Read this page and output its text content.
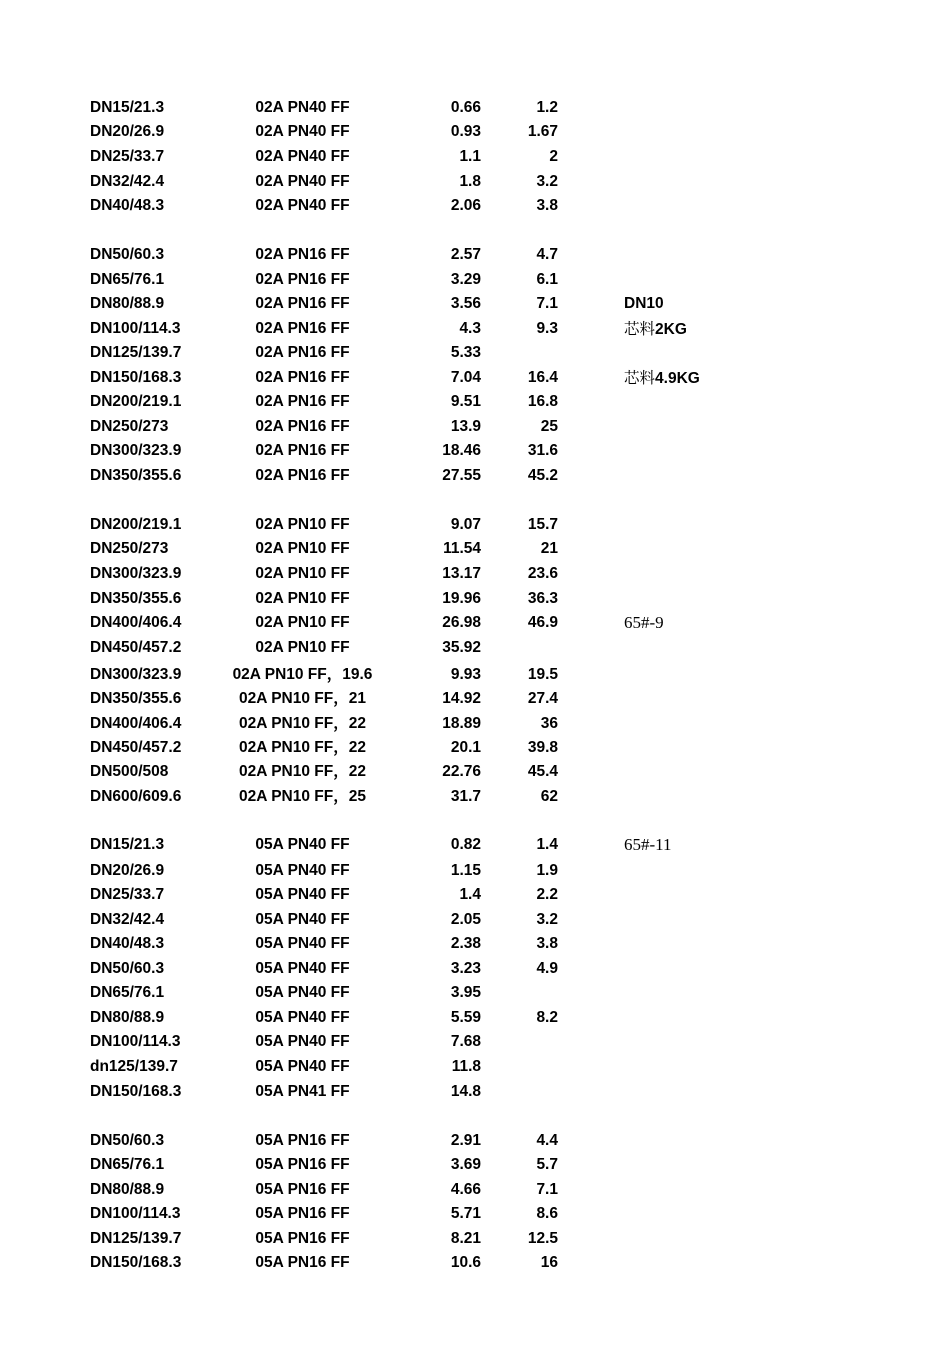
DN15/21.3	02A PN40 FF	0.66	1.2
DN20/26.9	02A PN40 FF	0.93	1.67
DN25/33.7	02A PN40 FF	1.1	2
DN32/42.4	02A PN40 FF	1.8	3.2
DN40/48.3	02A PN40 FF	2.06	3.8
DN50/60.3	02A PN16 FF	2.57	4.7
DN65/76.1	02A PN16 FF	3.29	6.1
DN80/88.9	02A PN16 FF	3.56	7.1	DN10
DN100/114.3	02A PN16 FF	4.3	9.3	芯料2KG
DN125/139.7	02A PN16 FF	5.33
DN150/168.3	02A PN16 FF	7.04	16.4	芯料4.9KG
DN200/219.1	02A PN16 FF	9.51	16.8
DN250/273	02A PN16 FF	13.9	25
DN300/323.9	02A PN16 FF	18.46	31.6
DN350/355.6	02A PN16 FF	27.55	45.2
DN200/219.1	02A PN10 FF	9.07	15.7
DN250/273	02A PN10 FF	11.54	21
DN300/323.9	02A PN10 FF	13.17	23.6
DN350/355.6	02A PN10 FF	19.96	36.3
DN400/406.4	02A PN10 FF	26.98	46.9	65#-9
DN450/457.2	02A PN10 FF	35.92
DN300/323.9	02A PN10 FF，19.6	9.93	19.5
DN350/355.6	02A PN10 FF，21	14.92	27.4
DN400/406.4	02A PN10 FF，22	18.89	36
DN450/457.2	02A PN10 FF，22	20.1	39.8
DN500/508	02A PN10 FF，22	22.76	45.4
DN600/609.6	02A PN10 FF，25	31.7	62
DN15/21.3	05A PN40 FF	0.82	1.4	65#-11
DN20/26.9	05A PN40 FF	1.15	1.9
DN25/33.7	05A PN40 FF	1.4	2.2
DN32/42.4	05A PN40 FF	2.05	3.2
DN40/48.3	05A PN40 FF	2.38	3.8
DN50/60.3	05A PN40 FF	3.23	4.9
DN65/76.1	05A PN40 FF	3.95
DN80/88.9	05A PN40 FF	5.59	8.2
DN100/114.3	05A PN40 FF	7.68
dn125/139.7	05A PN40 FF	11.8
DN150/168.3	05A PN41 FF	14.8
DN50/60.3	05A PN16 FF	2.91	4.4
DN65/76.1	05A PN16 FF	3.69	5.7
DN80/88.9	05A PN16 FF	4.66	7.1
DN100/114.3	05A PN16 FF	5.71	8.6
DN125/139.7	05A PN16 FF	8.21	12.5
DN150/168.3	05A PN16 FF	10.6	16
